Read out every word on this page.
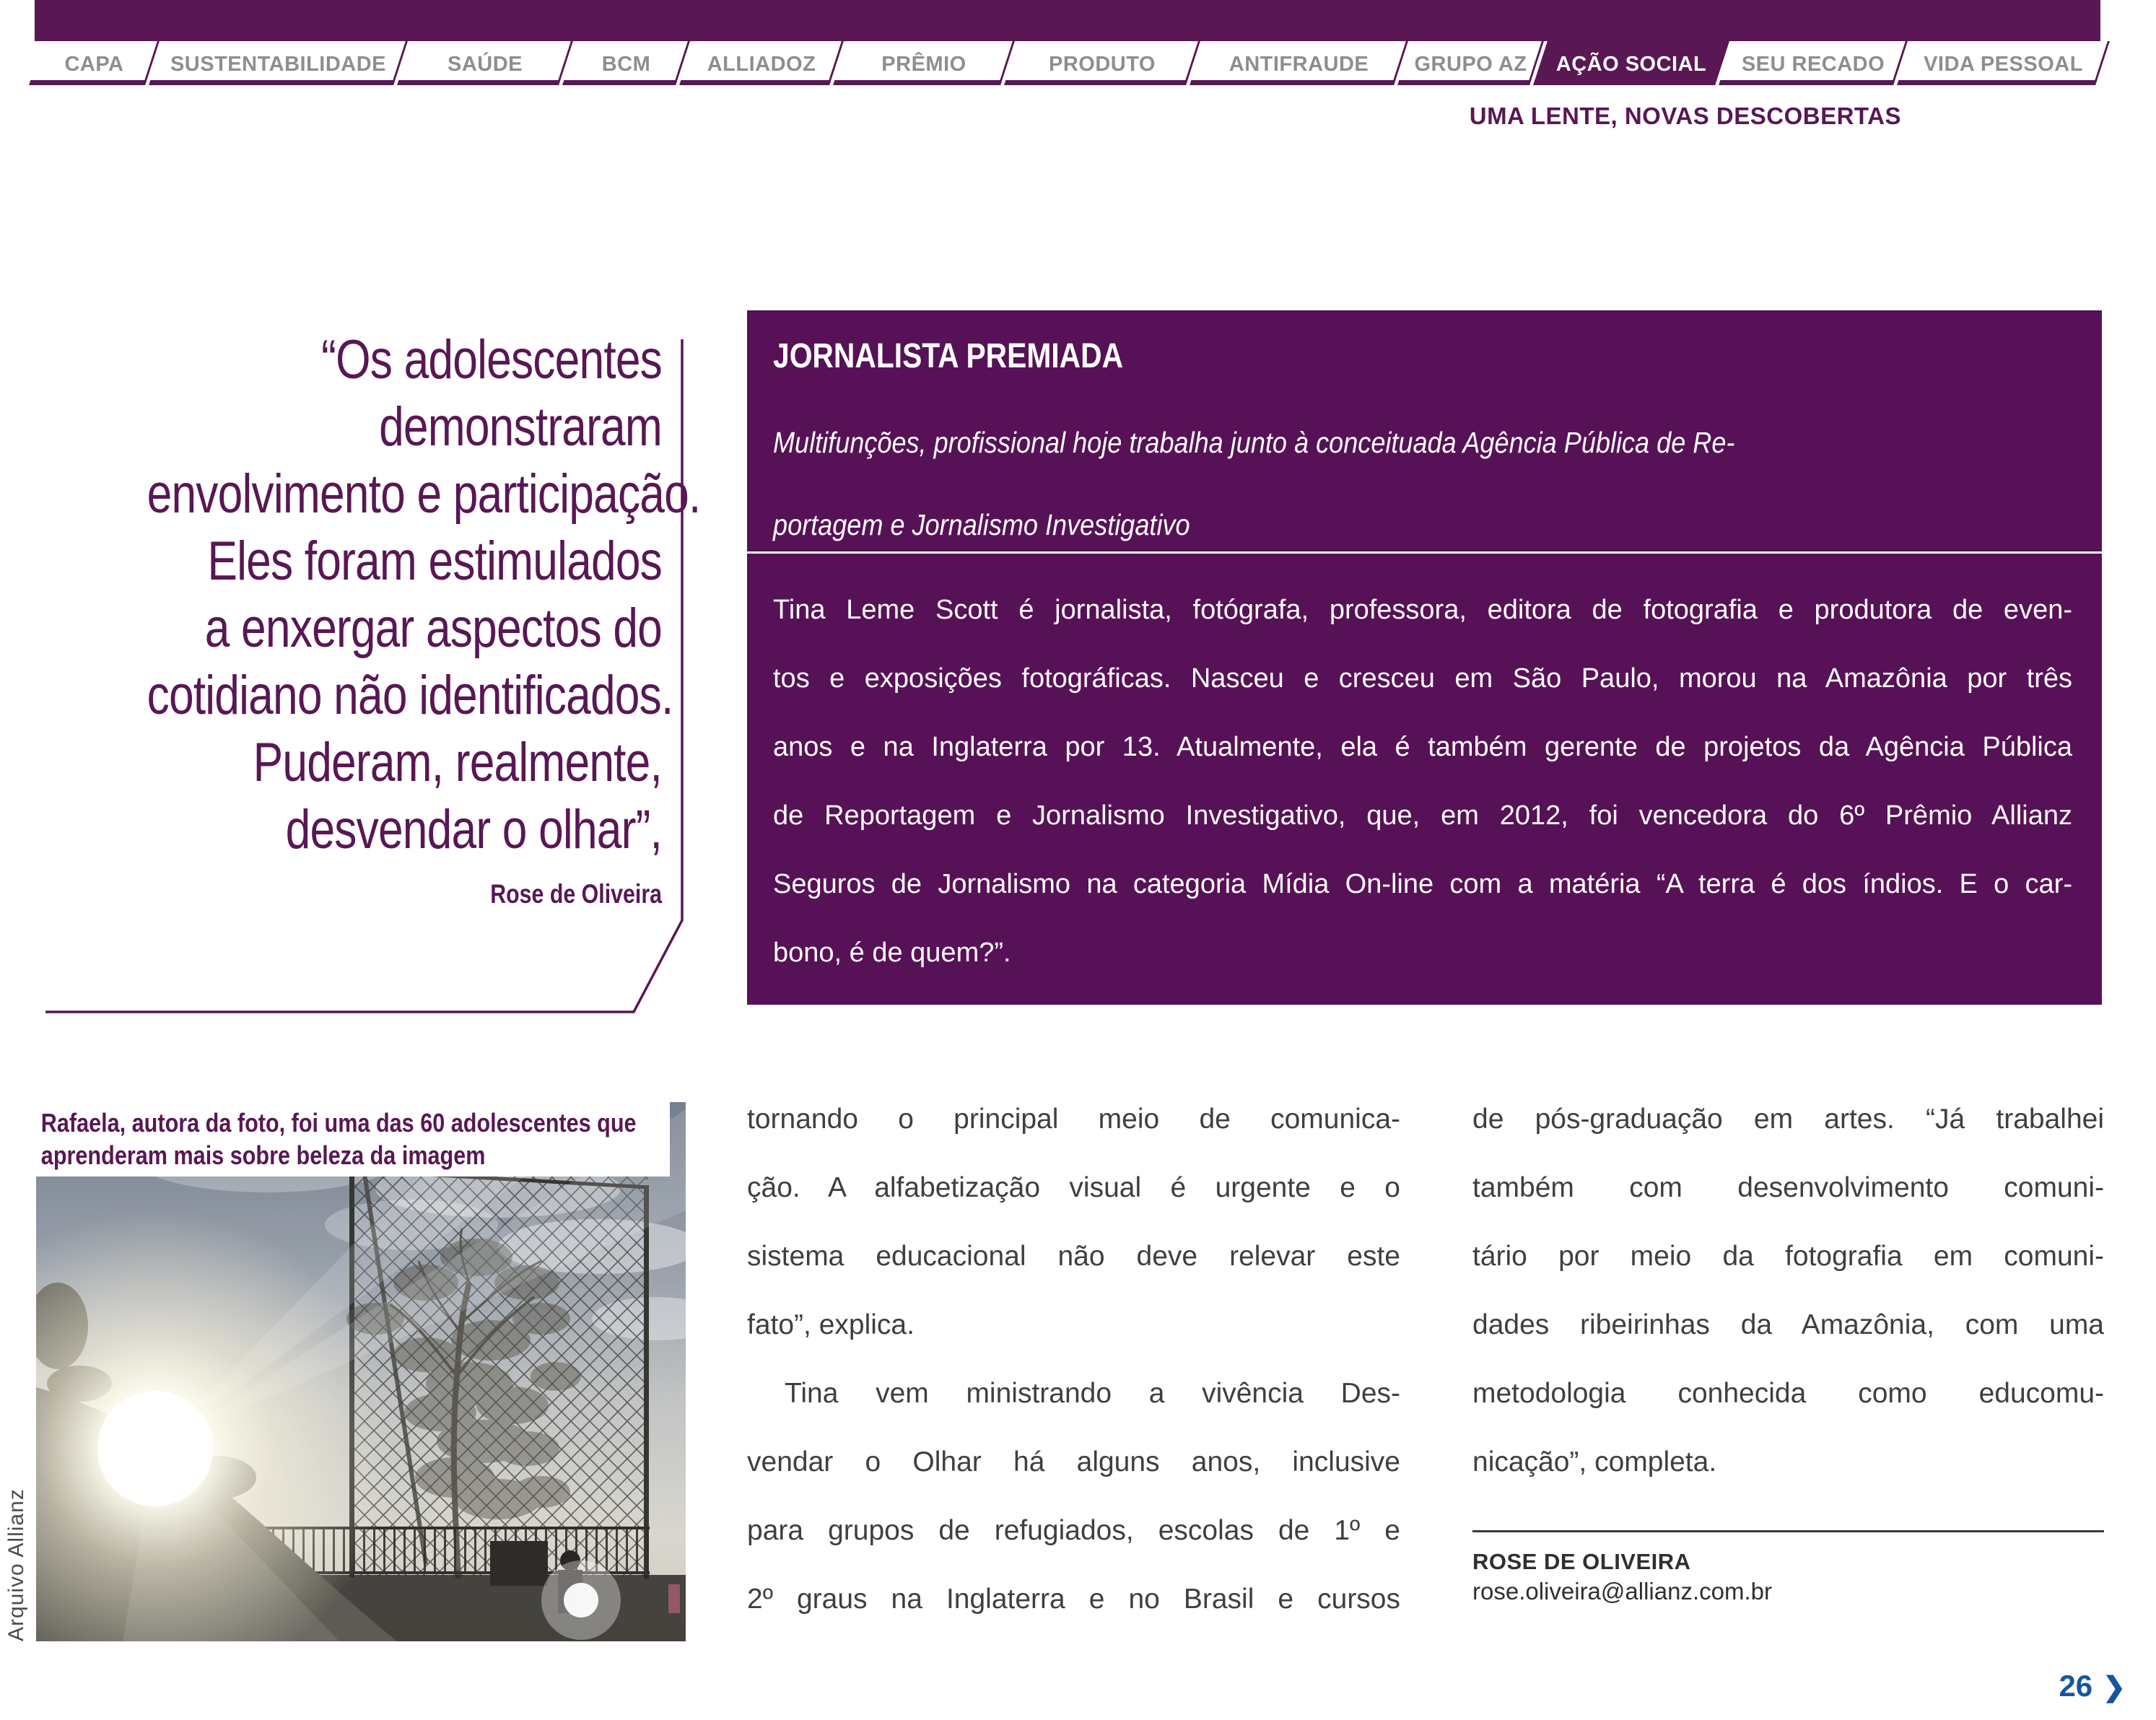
CAPA	SUSTENTABILIDADE	SAÚDE	BCM	ALLIADOZ	PRÊMIO	PRODUTO	ANTIFRAUDE	GRUPO AZ	AÇÃO SOCIAL	SEU RECADO	VIDA PESSOAL
UMA LENTE, NOVAS DESCOBERTAS
“Os adolescentes
demonstraram
envolvimento e participação.
Eles foram estimulados
a enxergar aspectos do
cotidiano não identificados.
Puderam, realmente,
desvendar o olhar”,
Rose de Oliveira
JORNALISTA PREMIADA
Multifunções, profissional hoje trabalha junto à conceituada Agência Pública de Re-
portagem e Jornalismo Investigativo
Tina Leme Scott é jornalista, fotógrafa, professora, editora de fotografia e produtora de even-
tos e exposições fotográficas. Nasceu e cresceu em São Paulo, morou na Amazônia por três
anos e na Inglaterra por 13. Atualmente, ela é também gerente de projetos da Agência Pública
de Reportagem e Jornalismo Investigativo, que, em 2012, foi vencedora do 6º Prêmio Allianz
Seguros de Jornalismo na categoria Mídia On-line com a matéria “A terra é dos índios. E o car-
bono, é de quem?”.
Rafaela, autora da foto, foi uma das 60 adolescentes que
aprenderam mais sobre beleza da imagem
Arquivo Allianz
tornando o principal meio de comunica-
ção. A alfabetização visual é urgente e o
sistema educacional não deve relevar este
fato”, explica.
Tina vem ministrando a vivência Des-
vendar o Olhar há alguns anos, inclusive
para grupos de refugiados, escolas de 1º e
2º graus na Inglaterra e no Brasil e cursos
de pós-graduação em artes. “Já trabalhei
também com desenvolvimento comuni-
tário por meio da fotografia em comuni-
dades ribeirinhas da Amazônia, com uma
metodologia conhecida como educomu-
nicação”, completa.
ROSE DE OLIVEIRA
rose.oliveira@allianz.com.br
26 ❯
